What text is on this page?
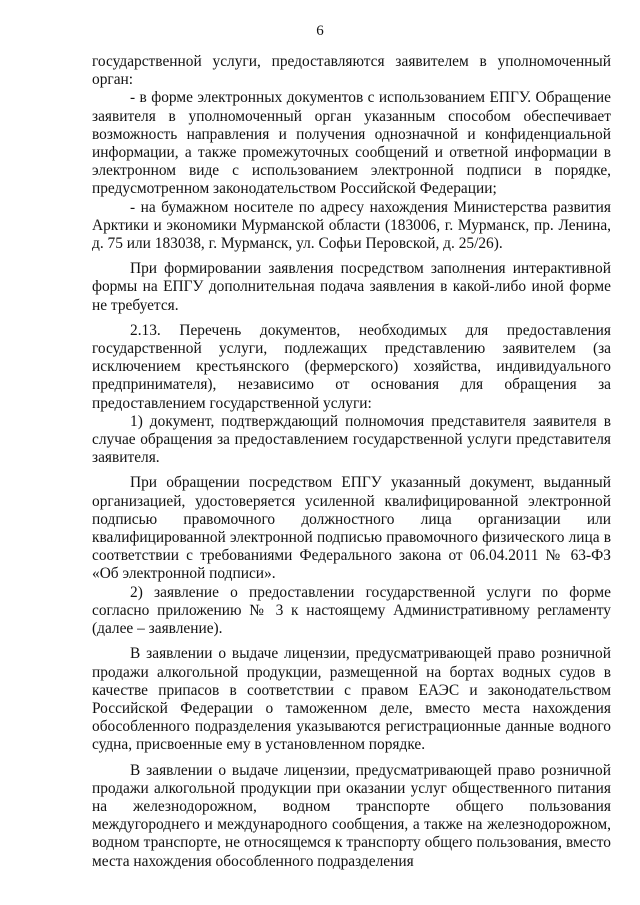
6

государственной услуги, предоставляются заявителем в уполномоченный орган:

- в форме электронных документов с использованием ЕПГУ. Обращение заявителя в уполномоченный орган указанным способом обеспечивает возможность направления и получения однозначной и конфиденциальной информации, а также промежуточных сообщений и ответной информации в электронном виде с использованием электронной подписи в порядке, предусмотренном законодательством Российской Федерации;

- на бумажном носителе по адресу нахождения Министерства развития Арктики и экономики Мурманской области (183006, г. Мурманск, пр. Ленина, д. 75 или 183038, г. Мурманск, ул. Софьи Перовской, д. 25/26).

При формировании заявления посредством заполнения интерактивной формы на ЕПГУ дополнительная подача заявления в какой-либо иной форме не требуется.

2.13. Перечень документов, необходимых для предоставления государственной услуги, подлежащих представлению заявителем (за исключением крестьянского (фермерского) хозяйства, индивидуального предпринимателя), независимо от основания для обращения за предоставлением государственной услуги:

1) документ, подтверждающий полномочия представителя заявителя в случае обращения за предоставлением государственной услуги представителя заявителя.

При обращении посредством ЕПГУ указанный документ, выданный организацией, удостоверяется усиленной квалифицированной электронной подписью правомочного должностного лица организации или квалифицированной электронной подписью правомочного физического лица в соответствии с требованиями Федерального закона от 06.04.2011 № 63-ФЗ «Об электронной подписи».

2) заявление о предоставлении государственной услуги по форме согласно приложению № 3 к настоящему Административному регламенту (далее – заявление).

В заявлении о выдаче лицензии, предусматривающей право розничной продажи алкогольной продукции, размещенной на бортах водных судов в качестве припасов в соответствии с правом ЕАЭС и законодательством Российской Федерации о таможенном деле, вместо места нахождения обособленного подразделения указываются регистрационные данные водного судна, присвоенные ему в установленном порядке.

В заявлении о выдаче лицензии, предусматривающей право розничной продажи алкогольной продукции при оказании услуг общественного питания на железнодорожном, водном транспорте общего пользования междугороднего и международного сообщения, а также на железнодорожном, водном транспорте, не относящемся к транспорту общего пользования, вместо места нахождения обособленного подразделения
